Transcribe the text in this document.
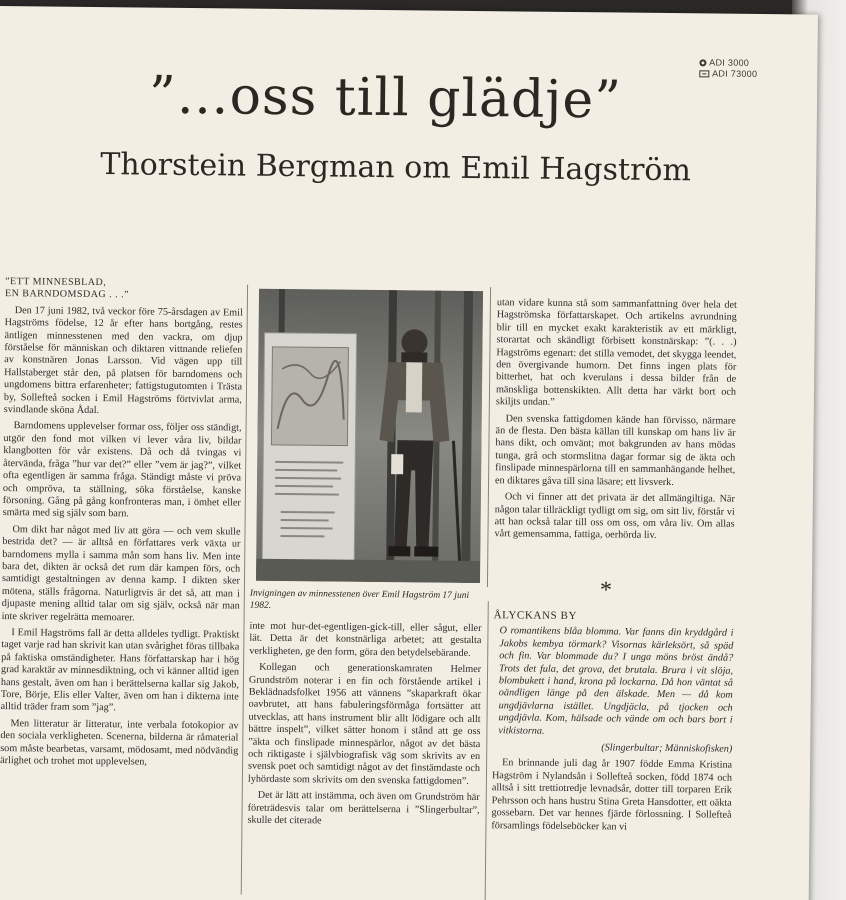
ADI 3000
ADI 73000
”…oss till glädje”
Thorstein Bergman om Emil Hagström

”ETT MINNESBLAD,
EN BARNDOMSDAG . . .”

Den 17 juni 1982, två veckor före 75-årsdagen av Emil Hagströms födelse, 12 år efter hans bortgång, restes äntligen minnesstenen med den vackra, om djup förståelse för människan och diktaren vittnande reliefen av konstnären Jonas Larsson. Vid vägen upp till Hallstaberget står den, på platsen för barndomens och ungdomens bittra erfarenheter; fattigstugutomten i Trästa by, Sollefteå socken i Emil Hagströms förtvivlat arma, svindlande sköna Ådal.

Barndomens upplevelser formar oss, följer oss ständigt, utgör den fond mot vilken vi lever våra liv, bildar klangbotten för vår existens. Då och då tvingas vi återvända, fråga ”hur var det?” eller ”vem är jag?”, vilket ofta egentligen är samma fråga. Ständigt måste vi pröva och ompröva, ta ställning, söka förståelse, kanske försoning. Gång på gång konfronteras man, i ömhet eller smärta med sig själv som barn.

Om dikt har något med liv att göra — och vem skulle bestrida det? — är alltså en författares verk växta ur barndomens mylla i samma mån som hans liv. Men inte bara det, dikten är också det rum där kampen förs, och samtidigt gestaltningen av denna kamp. I dikten sker mötena, ställs frågorna. Naturligtvis är det så, att man i djupaste mening alltid talar om sig själv, också när man inte skriver regelrätta memoarer.

I Emil Hagströms fall är detta alldeles tydligt. Praktiskt taget varje rad han skrivit kan utan svårighet föras tillbaka på faktiska omständigheter. Hans författarskap har i hög grad karaktär av minnesdiktning, och vi känner alltid igen hans gestalt, även om han i berättelserna kallar sig Jakob, Tore, Börje, Elis eller Valter, även om han i dikterna inte alltid träder fram som ”jag”.

Men litteratur är litteratur, inte verbala fotokopior av den sociala verkligheten. Scenerna, bilderna är råmaterial som måste bearbetas, varsamt, mödosamt, med nödvändig ärlighet och trohet mot upplevelsen,

Invigningen av minnesstenen över Emil Hagström 17 juni 1982.

inte mot hur-det-egentligen-gick-till, eller sågut, eller lät. Detta är det konstnärliga arbetet; att gestalta verkligheten, ge den form, göra den betydelsebärande.

Kollegan och generationskamraten Helmer Grundström noterar i en fin och förstående artikel i Beklädnadsfolket 1956 att vännens ”skaparkraft ökar oavbrutet, att hans fabuleringsförmåga fortsätter att utvecklas, att hans instrument blir allt lödigare och allt bättre inspelt”, vilket sätter honom i stånd att ge oss ”äkta och finslipade minnespärlor, något av det bästa och riktigaste i självbiografisk väg som skrivits av en svensk poet och samtidigt något av det finstämdaste och lyhördaste som skrivits om den svenska fattigdomen”.

Det är lätt att instämma, och även om Grundström här företrädesvis talar om berättelserna i ”Slingerbultar”, skulle det citerade

utan vidare kunna stå som sammanfattning över hela det Hagströmska författarskapet. Och artikelns avrundning blir till en mycket exakt karakteristik av ett märkligt, storartat och skändligt förbisett konstnärskap: ”(. . .) Hagströms egenart: det stilla vemodet, det skygga leendet, den övergivande humorn. Det finns ingen plats för bitterhet, hat och kverulans i dessa bilder från de mänskliga bottenskikten. Allt detta har värkt bort och skiljts undan.”

Den svenska fattigdomen kände han förvisso, närmare än de flesta. Den bästa källan till kunskap om hans liv är hans dikt, och omvänt; mot bakgrunden av hans mödas tunga, grå och stormslitna dagar formar sig de äkta och finslipade minnespärlorna till en sammanhängande helhet, en diktares gåva till sina läsare; ett livsverk.

Och vi finner att det privata är det allmängiltiga. När någon talar tillräckligt tydligt om sig, om sitt liv, förstår vi att han också talar till oss om oss, om våra liv. Om allas vårt gemensamma, fattiga, oerhörda liv.

*

ÅLYCKANS BY

O romantikens blåa blomma. Var fanns din kryddgård i Jakobs kembyа törmark? Visornas kärleksört, så späd och fin. Var blommade du? I unga möns bröst ändå? Trots det fula, det grova, det brutala. Brura i vit slöja, blombukett i hand, krona på lockarna. Då hon väntat så oändligen länge på den älskade. Men — då kom ungdjävlarna istället. Ungdjäcla, på tjocken och ungdjävla. Kom, hälsade och vände om och bars bort i vitkistorna.

(Slingerbultar; Människofisken)

En brinnande juli dag år 1907 födde Emma Kristina Hagström i Nylandsån i Sollefteå socken, född 1874 och alltså i sitt trettiotredje levnadsår, dotter till torparen Erik Pehrsson och hans hustru Stina Greta Hansdotter, ett oäkta gossebarn. Det var hennes fjärde förlossning. I Sollefteå församlings födelseböcker kan vi
